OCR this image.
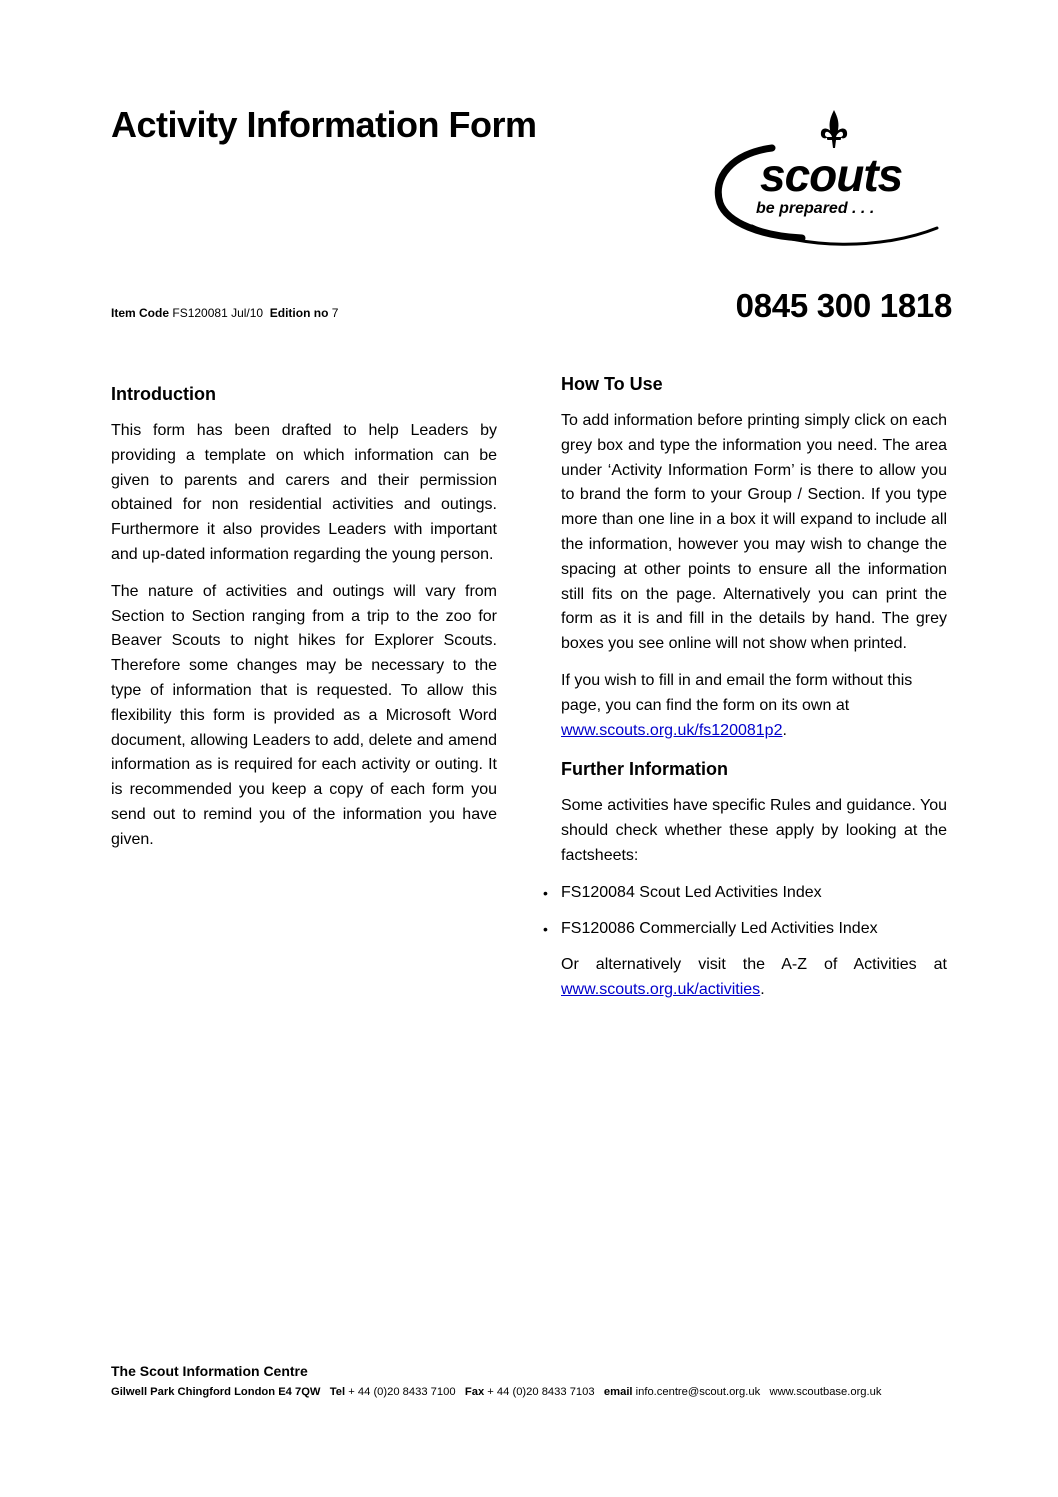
Activity Information Form
scouts
be prepared . . .
Item Code FS120081 Jul/10 Edition no 7	0845 300 1818
Introduction

This form has been drafted to help Leaders by providing a template on which information can be given to parents and carers and their permission obtained for non residential activities and outings. Furthermore it also provides Leaders with important and up-dated information regarding the young person.

The nature of activities and outings will vary from Section to Section ranging from a trip to the zoo for Beaver Scouts to night hikes for Explorer Scouts. Therefore some changes may be necessary to the type of information that is requested. To allow this flexibility this form is provided as a Microsoft Word document, allowing Leaders to add, delete and amend information as is required for each activity or outing. It is recommended you keep a copy of each form you send out to remind you of the information you have given.

How To Use

To add information before printing simply click on each grey box and type the information you need. The area under ‘Activity Information Form’ is there to allow you to brand the form to your Group / Section. If you type more than one line in a box it will expand to include all the information, however you may wish to change the spacing at other points to ensure all the information still fits on the page. Alternatively you can print the form as it is and fill in the details by hand. The grey boxes you see online will not show when printed.

If you wish to fill in and email the form without this page, you can find the form on its own at www.scouts.org.uk/fs120081p2.

Further Information

Some activities have specific Rules and guidance. You should check whether these apply by looking at the factsheets:

• FS120084 Scout Led Activities Index
• FS120086 Commercially Led Activities Index

Or alternatively visit the A-Z of Activities at www.scouts.org.uk/activities.

The Scout Information Centre
Gilwell Park Chingford London E4 7QW Tel + 44 (0)20 8433 7100 Fax + 44 (0)20 8433 7103 email info.centre@scout.org.uk www.scoutbase.org.uk
